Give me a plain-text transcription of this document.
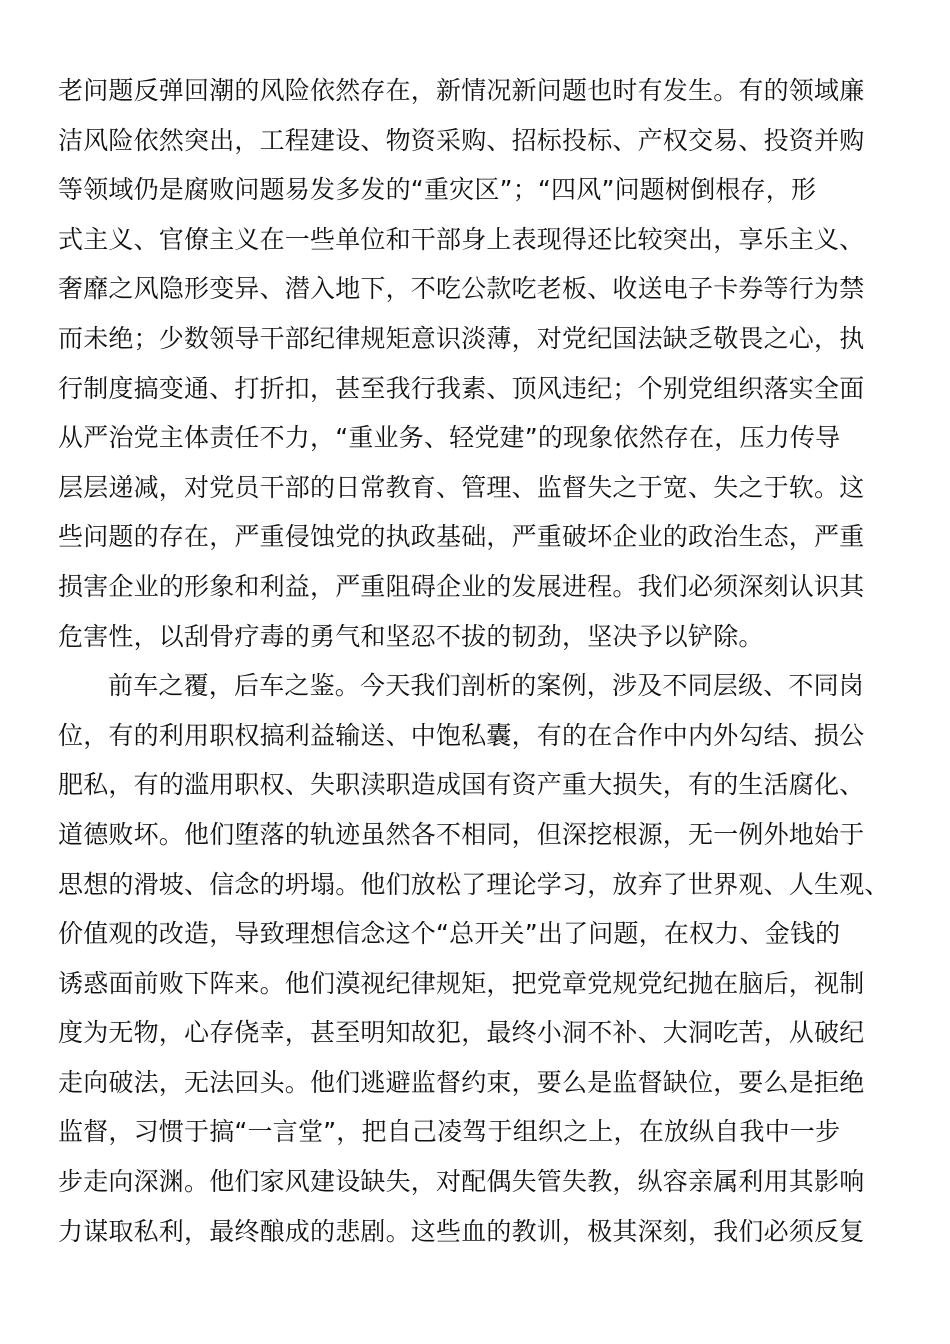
老问题反弹回潮的风险依然存在，新情况新问题也时有发生。有的领域廉
洁风险依然突出，工程建设、物资采购、招标投标、产权交易、投资并购
等领域仍是腐败问题易发多发的“重灾区”；“四风”问题树倒根存，形
式主义、官僚主义在一些单位和干部身上表现得还比较突出，享乐主义、
奢靡之风隐形变异、潜入地下，不吃公款吃老板、收送电子卡券等行为禁
而未绝；少数领导干部纪律规矩意识淡薄，对党纪国法缺乏敬畏之心，执
行制度搞变通、打折扣，甚至我行我素、顶风违纪；个别党组织落实全面
从严治党主体责任不力，“重业务、轻党建”的现象依然存在，压力传导
层层递减，对党员干部的日常教育、管理、监督失之于宽、失之于软。这
些问题的存在，严重侵蚀党的执政基础，严重破坏企业的政治生态，严重
损害企业的形象和利益，严重阻碍企业的发展进程。我们必须深刻认识其
危害性，以刮骨疗毒的勇气和坚忍不拔的韧劲，坚决予以铲除。
前车之覆，后车之鉴。今天我们剖析的案例，涉及不同层级、不同岗
位，有的利用职权搞利益输送、中饱私囊，有的在合作中内外勾结、损公
肥私，有的滥用职权、失职渎职造成国有资产重大损失，有的生活腐化、
道德败坏。他们堕落的轨迹虽然各不相同，但深挖根源，无一例外地始于
思想的滑坡、信念的坍塌。他们放松了理论学习，放弃了世界观、人生观、
价值观的改造，导致理想信念这个“总开关”出了问题，在权力、金钱的
诱惑面前败下阵来。他们漠视纪律规矩，把党章党规党纪抛在脑后，视制
度为无物，心存侥幸，甚至明知故犯，最终小洞不补、大洞吃苦，从破纪
走向破法，无法回头。他们逃避监督约束，要么是监督缺位，要么是拒绝
监督，习惯于搞“一言堂”，把自己凌驾于组织之上，在放纵自我中一步
步走向深渊。他们家风建设缺失，对配偶失管失教，纵容亲属利用其影响
力谋取私利，最终酿成的悲剧。这些血的教训，极其深刻，我们必须反复
